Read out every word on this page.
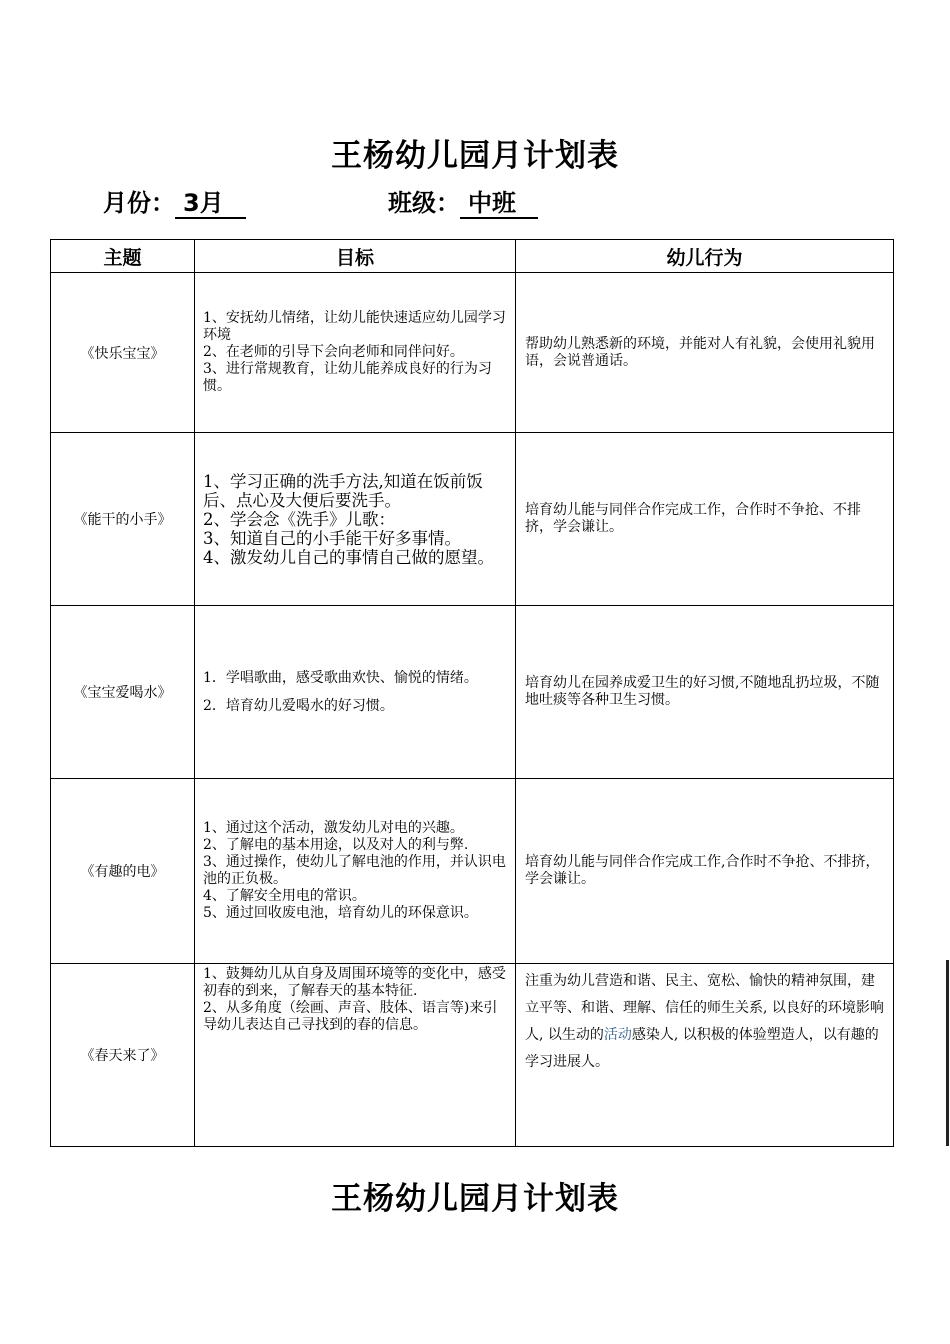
王杨幼儿园月计划表
月份： 3月	班级： 中班
主题	目标	幼儿行为
《快乐宝宝》	1、安抚幼儿情绪，让幼儿能快速适应幼儿园学习环境
2、在老师的引导下会向老师和同伴问好。
3、进行常规教育，让幼儿能养成良好的行为习惯。	帮助幼儿熟悉新的环境，并能对人有礼貌，会使用礼貌用语，会说普通话。
《能干的小手》	1、学习正确的洗手方法,知道在饭前饭后、点心及大便后要洗手。
2、学会念《洗手》儿歌：
3、知道自己的小手能干好多事情。
4、激发幼儿自己的事情自己做的愿望。	培育幼儿能与同伴合作完成工作，合作时不争抢、不排挤，学会谦让。
《宝宝爱喝水》	1．学唱歌曲，感受歌曲欢快、愉悦的情绪。
2．培育幼儿爱喝水的好习惯。	培育幼儿在园养成爱卫生的好习惯,不随地乱扔垃圾，不随地吐痰等各种卫生习惯。
《有趣的电》	1、通过这个活动，激发幼儿对电的兴趣。
2、了解电的基本用途，以及对人的利与弊.
3、通过操作，使幼儿了解电池的作用，并认识电池的正负极。
4、了解安全用电的常识。
5、通过回收废电池，培育幼儿的环保意识。	培育幼儿能与同伴合作完成工作,合作时不争抢、不排挤，学会谦让。
《春天来了》	1、鼓舞幼儿从自身及周围环境等的变化中，感受初春的到来，了解春天的基本特征.
2、从多角度（绘画、声音、肢体、语言等)来引导幼儿表达自己寻找到的春的信息。	注重为幼儿营造和谐、民主、宽松、愉快的精神氛围，建立平等、和谐、理解、信任的师生关系, 以良好的环境影响人, 以生动的活动感染人, 以积极的体验塑造人，以有趣的学习进展人。
王杨幼儿园月计划表
